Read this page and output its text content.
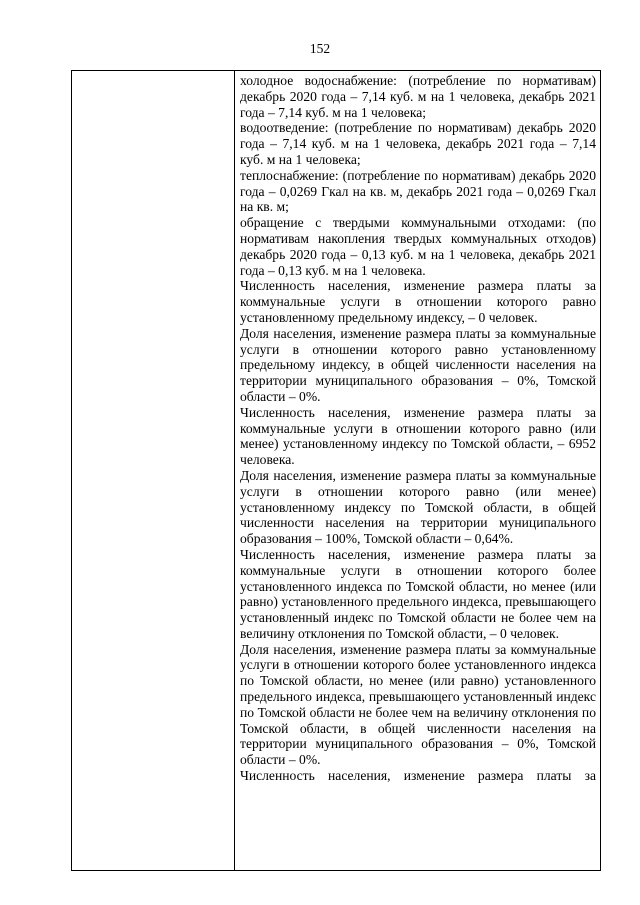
152

холодное водоснабжение: (потребление по нормативам) декабрь 2020 года – 7,14 куб. м на 1 человека, декабрь 2021 года – 7,14 куб. м на 1 человека;

водоотведение: (потребление по нормативам) декабрь 2020 года – 7,14 куб. м на 1 человека, декабрь 2021 года – 7,14 куб. м на 1 человека;

теплоснабжение: (потребление по нормативам) декабрь 2020 года – 0,0269 Гкал на кв. м, декабрь 2021 года – 0,0269 Гкал на кв. м;

обращение с твердыми коммунальными отходами: (по нормативам накопления твердых коммунальных отходов) декабрь 2020 года – 0,13 куб. м на 1 человека, декабрь 2021 года – 0,13 куб. м на 1 человека.

Численность населения, изменение размера платы за коммунальные услуги в отношении которого равно установленному предельному индексу, – 0 человек.

Доля населения, изменение размера платы за коммунальные услуги в отношении которого равно установленному предельному индексу, в общей численности населения на территории муниципального образования – 0%, Томской области – 0%.

Численность населения, изменение размера платы за коммунальные услуги в отношении которого равно (или менее) установленному индексу по Томской области, – 6952 человека.

Доля населения, изменение размера платы за коммунальные услуги в отношении которого равно (или менее) установленному индексу по Томской области, в общей численности населения на территории муниципального образования – 100%, Томской области – 0,64%.

Численность населения, изменение размера платы за коммунальные услуги в отношении которого более установленного индекса по Томской области, но менее (или равно) установленного предельного индекса, превышающего установленный индекс по Томской области не более чем на величину отклонения по Томской области, – 0 человек.

Доля населения, изменение размера платы за коммунальные услуги в отношении которого более установленного индекса по Томской области, но менее (или равно) установленного предельного индекса, превышающего установленный индекс по Томской области не более чем на величину отклонения по Томской области, в общей численности населения на территории муниципального образования – 0%, Томской области – 0%.

Численность населения, изменение размера платы за
